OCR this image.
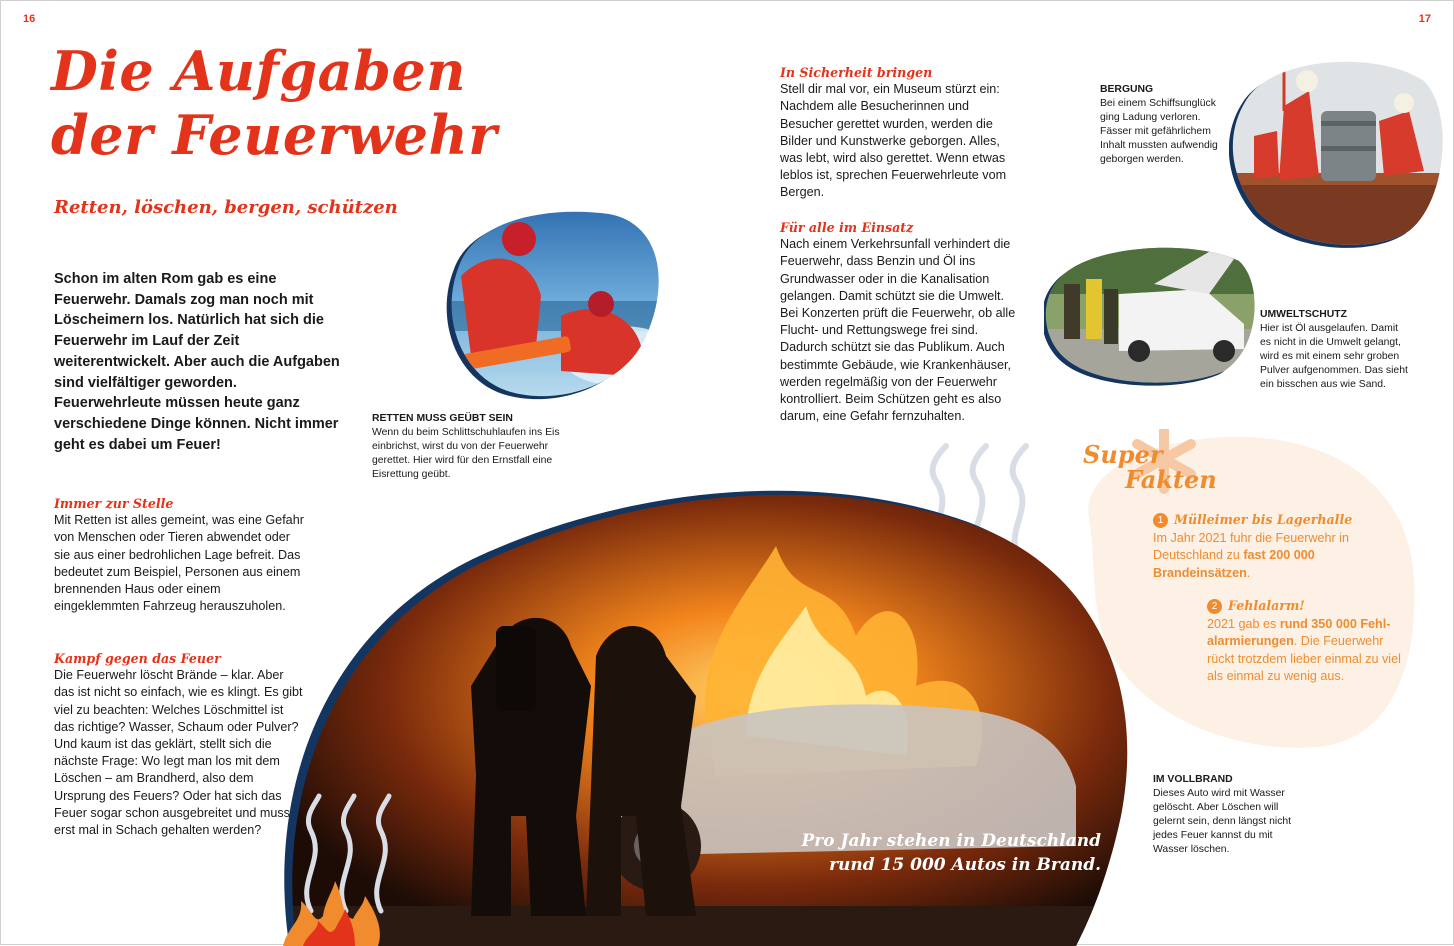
16	17
Die Aufgaben
der Feuerwehr
Retten, löschen, bergen, schützen
Schon im alten Rom gab es eine Feuerwehr. Damals zog man noch mit Löscheimern los. Natürlich hat sich die Feuerwehr im Lauf der Zeit weiterentwickelt. Aber auch die Aufgaben sind vielfältiger geworden. Feuerwehrleute müssen heute ganz verschiedene Dinge können. Nicht immer geht es dabei um Feuer!
Immer zur Stelle

Mit Retten ist alles gemeint, was eine Gefahr von Menschen oder Tieren abwendet oder sie aus einer bedrohlichen Lage befreit. Das bedeutet zum Beispiel, Personen aus einem brennenden Haus oder einem eingeklemmten Fahrzeug herauszuholen.

Kampf gegen das Feuer

Die Feuerwehr löscht Brände – klar. Aber das ist nicht so einfach, wie es klingt. Es gibt viel zu beachten: Welches Löschmittel ist das richtige? Wasser, Schaum oder Pulver? Und kaum ist das geklärt, stellt sich die nächste Frage: Wo legt man los mit dem Löschen – am Brandherd, also dem Ursprung des Feuers? Oder hat sich das Feuer sogar schon ausgebreitet und muss erst mal in Schach gehalten werden?

RETTEN MUSS GEÜBT SEIN
Wenn du beim Schlittschuhlaufen ins Eis einbrichst, wirst du von der Feuerwehr gerettet. Hier wird für den Ernstfall eine Eisrettung geübt.
In Sicherheit bringen

Stell dir mal vor, ein Museum stürzt ein: Nachdem alle Besucherinnen und Besucher gerettet wurden, werden die Bilder und Kunstwerke geborgen. Alles, was lebt, wird also gerettet. Wenn etwas leblos ist, sprechen Feuerwehrleute vom Bergen.

Für alle im Einsatz

Nach einem Verkehrsunfall verhindert die Feuerwehr, dass Benzin und Öl ins Grundwasser oder in die Kanalisation gelangen. Damit schützt sie die Umwelt. Bei Konzerten prüft die Feuerwehr, ob alle Flucht- und Rettungswege frei sind. Dadurch schützt sie das Publikum. Auch bestimmte Gebäude, wie Krankenhäuser, werden regelmäßig von der Feuerwehr kontrolliert. Beim Schützen geht es also darum, eine Gefahr fernzuhalten.

BERGUNG
Bei einem Schiffsunglück ging Ladung verloren. Fässer mit gefährlichem Inhalt mussten aufwendig geborgen werden.
UMWELTSCHUTZ
Hier ist Öl ausgelaufen. Damit es nicht in die Umwelt gelangt, wird es mit einem sehr groben Pulver aufgenommen. Das sieht ein bisschen aus wie Sand.
Pro Jahr stehen in Deutschland
rund 15 000 Autos in Brand.
IM VOLLBRAND
Dieses Auto wird mit Wasser gelöscht. Aber Löschen will gelernt sein, denn längst nicht jedes Feuer kannst du mit Wasser löschen.
Super
Fakten
1 Mülleimer bis Lagerhalle
Im Jahr 2021 fuhr die Feuerwehr in Deutschland zu fast 200 000 Brandeinsätzen.
2 Fehlalarm!
2021 gab es rund 350 000 Fehlalarmierungen. Die Feuerwehr rückt trotzdem lieber einmal zu viel als einmal zu wenig aus.
